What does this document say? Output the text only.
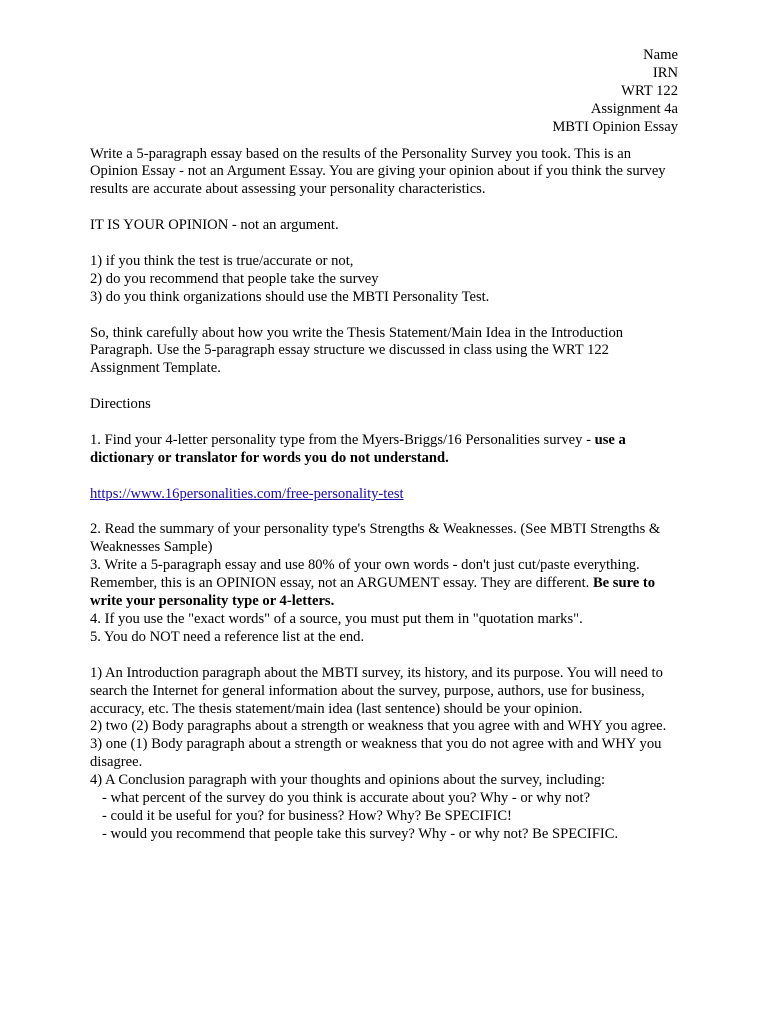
Name
IRN
WRT 122
Assignment 4a
MBTI Opinion Essay

Write a 5-paragraph essay based on the results of the Personality Survey you took. This is an Opinion Essay - not an Argument Essay. You are giving your opinion about if you think the survey results are accurate about assessing your personality characteristics.

IT IS YOUR OPINION - not an argument.

1) if you think the test is true/accurate or not,
2) do you recommend that people take the survey
3) do you think organizations should use the MBTI Personality Test.

So, think carefully about how you write the Thesis Statement/Main Idea in the Introduction Paragraph. Use the 5-paragraph essay structure we discussed in class using the WRT 122 Assignment Template.

Directions

1. Find your 4-letter personality type from the Myers-Briggs/16 Personalities survey - use a dictionary or translator for words you do not understand.

https://www.16personalities.com/free-personality-test

2. Read the summary of your personality type's Strengths & Weaknesses. (See MBTI Strengths & Weaknesses Sample)

3. Write a 5-paragraph essay and use 80% of your own words - don't just cut/paste everything. Remember, this is an OPINION essay, not an ARGUMENT essay. They are different. Be sure to write your personality type or 4-letters.

4. If you use the "exact words" of a source, you must put them in "quotation marks".

5. You do NOT need a reference list at the end.

1) An Introduction paragraph about the MBTI survey, its history, and its purpose. You will need to search the Internet for general information about the survey, purpose, authors, use for business, accuracy, etc. The thesis statement/main idea (last sentence) should be your opinion.

2) two (2) Body paragraphs about a strength or weakness that you agree with and WHY you agree.

3) one (1) Body paragraph about a strength or weakness that you do not agree with and WHY you disagree.

4) A Conclusion paragraph with your thoughts and opinions about the survey, including:

- what percent of the survey do you think is accurate about you? Why - or why not?
- could it be useful for you? for business? How? Why? Be SPECIFIC!
- would you recommend that people take this survey? Why - or why not? Be SPECIFIC.
